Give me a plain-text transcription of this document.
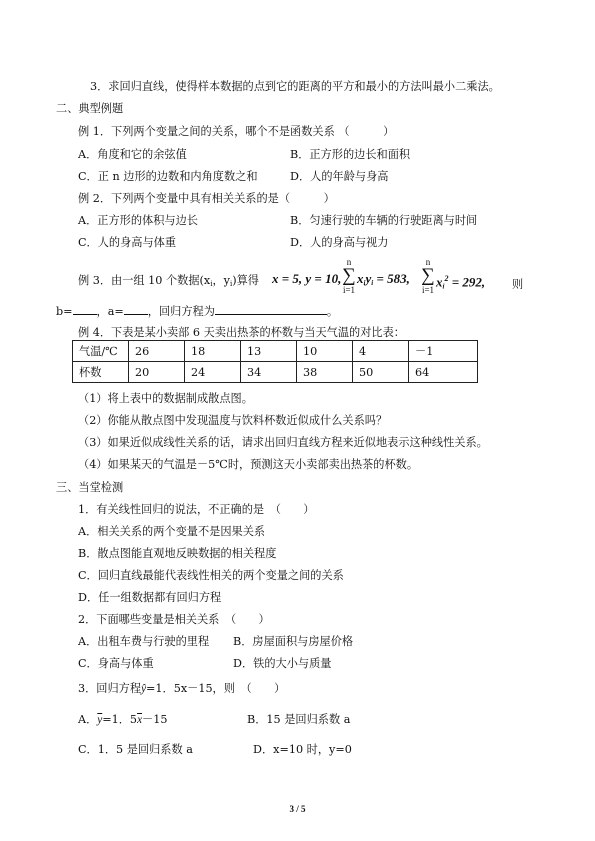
3．求回归直线，使得样本数据的点到它的距离的平方和最小的方法叫最小二乘法。
二、典型例题
例 1．下列两个变量之间的关系，哪个不是函数关系 （　　　）
A．角度和它的余弦值	B．正方形的边长和面积
C．正 n 边形的边数和内角度数之和	D．人的年龄与身高
例 2．下列两个变量中具有相关关系的是（　　　）
A．正方形的体积与边长	B．匀速行驶的车辆的行驶距离与时间
C．人的身高与体重	D．人的身高与视力
例 3．由一组 10 个数据($x_i$，$y_i$)算得 x = 5, y = 10,
n
∑
i=1
$x_iy_i = 583$,
n
∑
i=1
$x_i^2 = 292$, 则
b= ，a= ，回归方程为	。
例 4．下表是某小卖部 6 天卖出热茶的杯数与当天气温的对比表：
气温/℃	26	18	13	10	4	－1
杯数	20	24	34	38	50	64
（1）将上表中的数据制成散点图。
（2）你能从散点图中发现温度与饮料杯数近似成什么关系吗？
（3）如果近似成线性关系的话，请求出回归直线方程来近似地表示这种线性关系。
（4）如果某天的气温是－5℃时，预测这天小卖部卖出热茶的杯数。
三、当堂检测
1．有关线性回归的说法，不正确的是　（　　）
A．相关关系的两个变量不是因果关系
B．散点图能直观地反映数据的相关程度
C．回归直线最能代表线性相关的两个变量之间的关系
D．任一组数据都有回归方程
2．下面哪些变量是相关关系　（　　）
A．出租车费与行驶的里程 B．房屋面积与房屋价格
C．身高与体重	D．铁的大小与质量
3．回归方程ŷ=1．5x－15，则　（　　）
A．$\overline{y}=1$．$5\overline{x}-15$	B．15 是回归系数 a
C．1．5 是回归系数 a	D．x=10 时，y=0
3 / 5
